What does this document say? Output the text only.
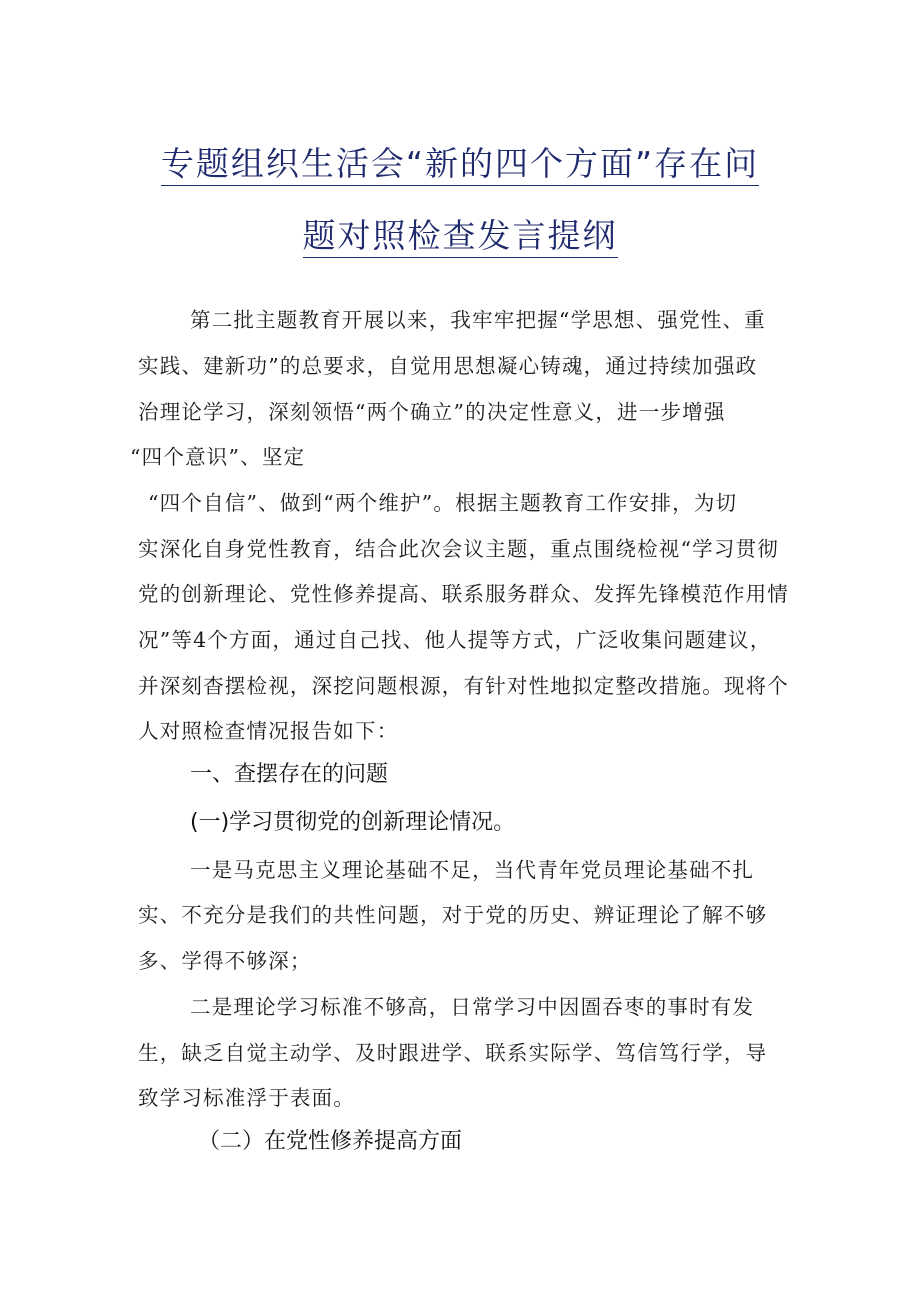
专题组织生活会“新的四个方面”存在问
题对照检查发言提纲
第二批主题教育开展以来，我牢牢把握“学思想、强党性、重
实践、建新功”的总要求，自觉用思想凝心铸魂，通过持续加强政
治理论学习，深刻领悟“两个确立”的决定性意义，进一步增强
“四个意识”、坚定
“四个自信”、做到“两个维护”。根据主题教育工作安排，为切
实深化自身党性教育，结合此次会议主题，重点围绕检视“学习贯彻
党的创新理论、党性修养提高、联系服务群众、发挥先锋模范作用情
况”等4个方面，通过自己找、他人提等方式，广泛收集问题建议，
并深刻杳摆检视，深挖问题根源，有针对性地拟定整改措施。现将个
人对照检查情况报告如下：
一、查摆存在的问题
(一)学习贯彻党的创新理论情况。
一是马克思主义理论基础不足，当代青年党员理论基础不扎
实、不充分是我们的共性问题，对于党的历史、辨证理论了解不够
多、学得不够深；
二是理论学习标准不够高，日常学习中因圄吞枣的事时有发
生，缺乏自觉主动学、及时跟进学、联系实际学、笃信笃行学，导
致学习标准浮于表面。
（二）在党性修养提高方面
